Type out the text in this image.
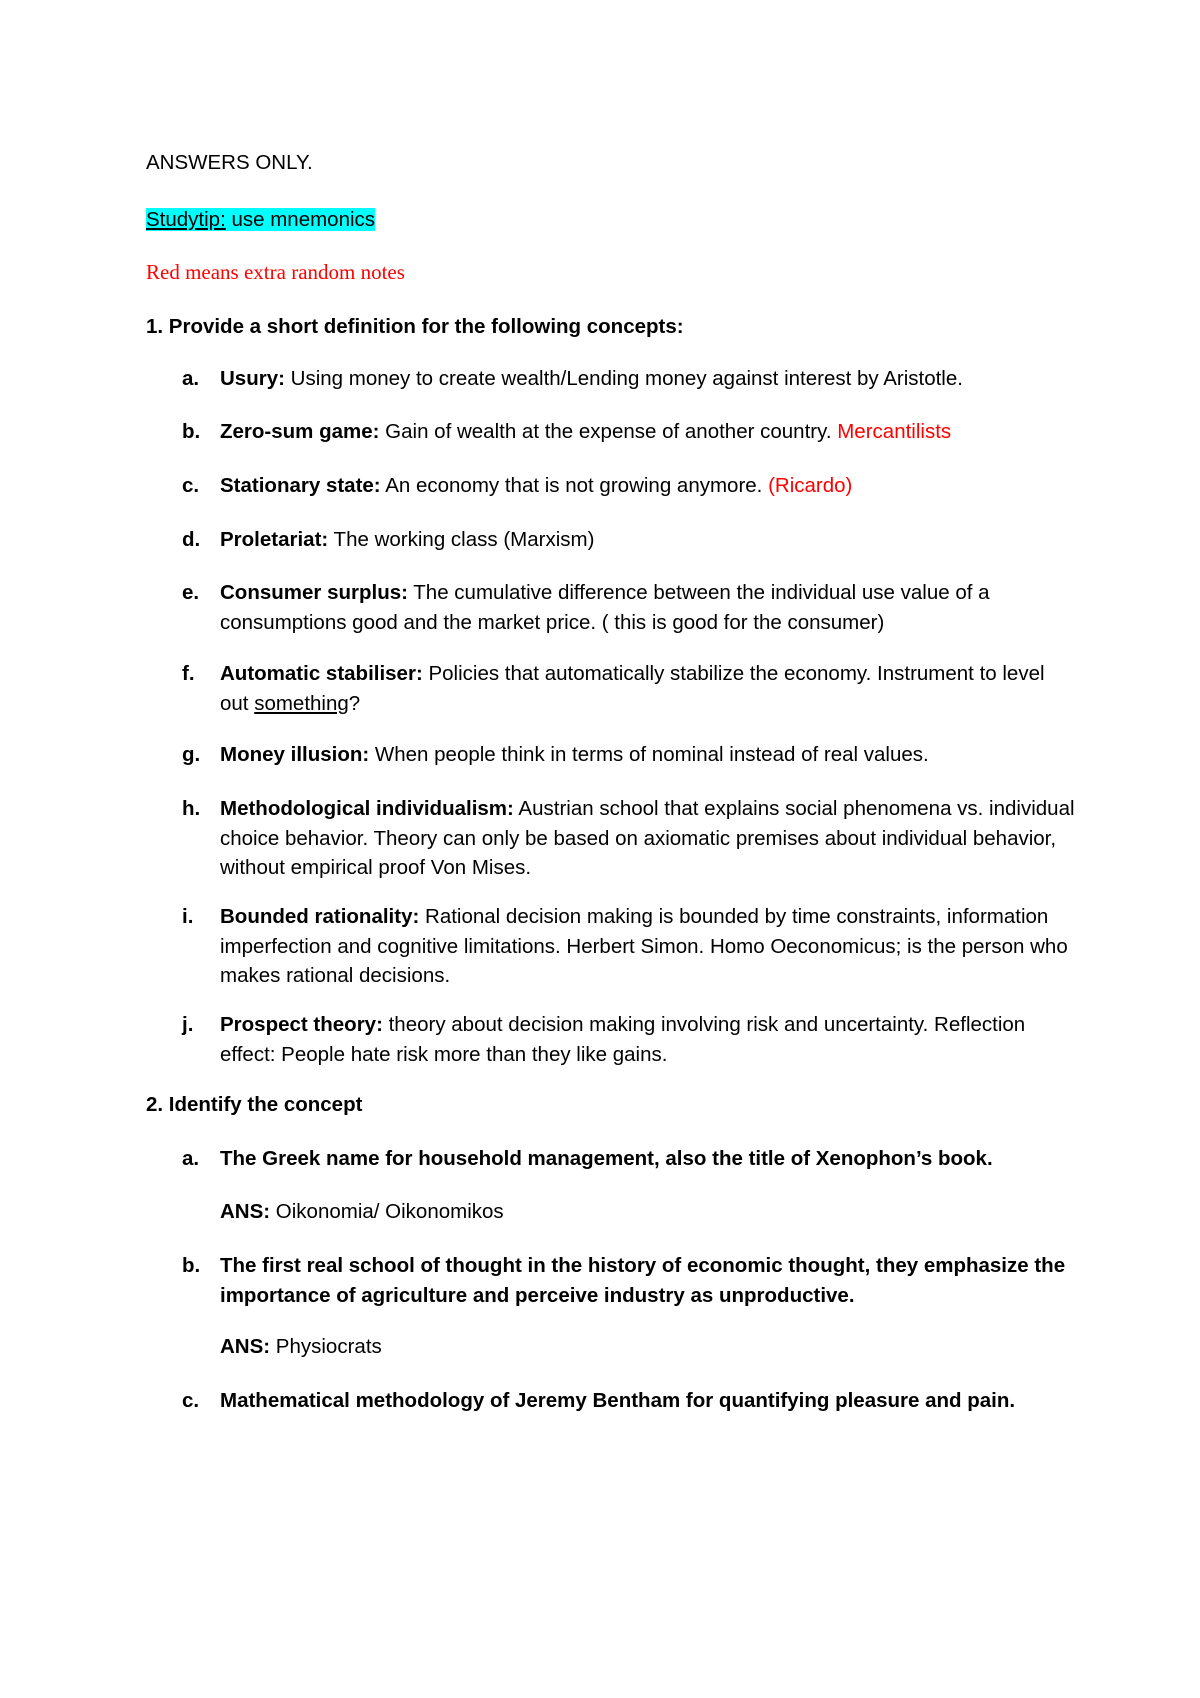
ANSWERS ONLY.
Studytip: use mnemonics
Red means extra random notes
1. Provide a short definition for the following concepts:
a. Usury: Using money to create wealth/Lending money against interest by Aristotle.
b. Zero-sum game: Gain of wealth at the expense of another country. Mercantilists
c. Stationary state: An economy that is not growing anymore. (Ricardo)
d. Proletariat: The working class (Marxism)
e. Consumer surplus: The cumulative difference between the individual use value of a consumptions good and the market price. ( this is good for the consumer)
f. Automatic stabiliser: Policies that automatically stabilize the economy. Instrument to level out something?
g. Money illusion: When people think in terms of nominal instead of real values.
h. Methodological individualism: Austrian school that explains social phenomena vs. individual choice behavior. Theory can only be based on axiomatic premises about individual behavior, without empirical proof Von Mises.
i. Bounded rationality: Rational decision making is bounded by time constraints, information imperfection and cognitive limitations. Herbert Simon. Homo Oeconomicus; is the person who makes rational decisions.
j. Prospect theory: theory about decision making involving risk and uncertainty. Reflection effect: People hate risk more than they like gains.
2. Identify the concept
a. The Greek name for household management, also the title of Xenophon’s book.
ANS: Oikonomia/ Oikonomikos
b. The first real school of thought in the history of economic thought, they emphasize the importance of agriculture and perceive industry as unproductive.
ANS: Physiocrats
c. Mathematical methodology of Jeremy Bentham for quantifying pleasure and pain.
